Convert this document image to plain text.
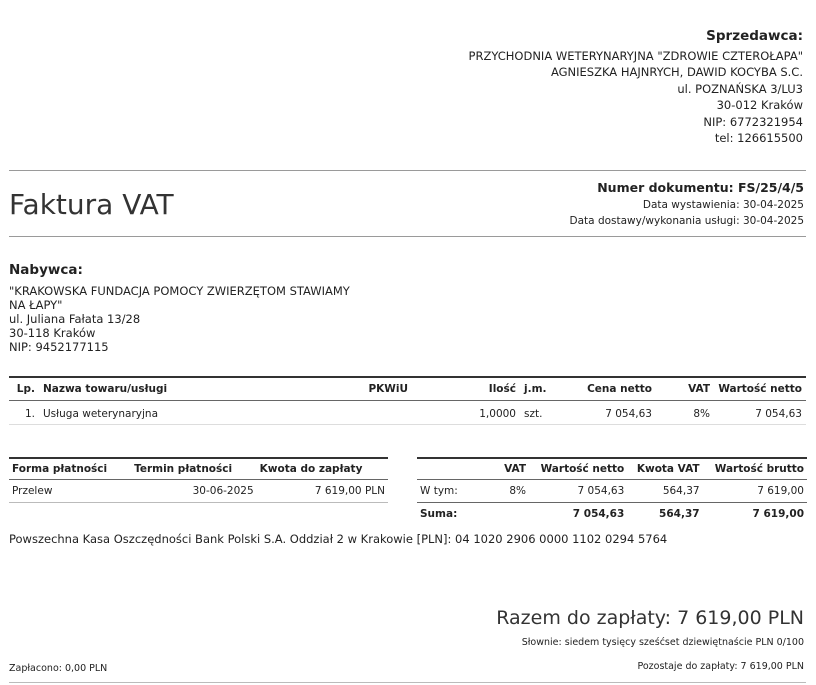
Sprzedawca:
PRZYCHODNIA WETERYNARYJNA "ZDROWIE CZTEROŁAPA"
AGNIESZKA HAJNRYCH, DAWID KOCYBA S.C.
ul. POZNAŃSKA 3/LU3
30-012 Kraków
NIP: 6772321954
tel: 126615500
Faktura VAT
Numer dokumentu: FS/25/4/5
Data wystawienia: 30-04-2025
Data dostawy/wykonania usługi: 30-04-2025
Nabywca:
"KRAKOWSKA FUNDACJA POMOCY ZWIERZĘTOM STAWIAMY
NA ŁAPY"
ul. Juliana Fałata 13/28
30-118 Kraków
NIP: 9452177115
Lp.	Nazwa towaru/usługi	PKWiU	Ilość	j.m.	Cena netto	VAT	Wartość netto
1.	Usługa weterynaryjna		1,0000	szt.	7 054,63	8%	7 054,63
Forma płatności	Termin płatności	Kwota do zapłaty
Przelew	30-06-2025	7 619,00 PLN
	VAT	Wartość netto	Kwota VAT	Wartość brutto
W tym:	8%	7 054,63	564,37	7 619,00
Suma:		7 054,63	564,37	7 619,00
Powszechna Kasa Oszczędności Bank Polski S.A. Oddział 2 w Krakowie [PLN]: 04 1020 2906 0000 1102 0294 5764
Razem do zapłaty: 7 619,00 PLN
Słownie: siedem tysięcy sześćset dziewiętnaście PLN 0/100
Zapłacono: 0,00 PLN	Pozostaje do zapłaty: 7 619,00 PLN
